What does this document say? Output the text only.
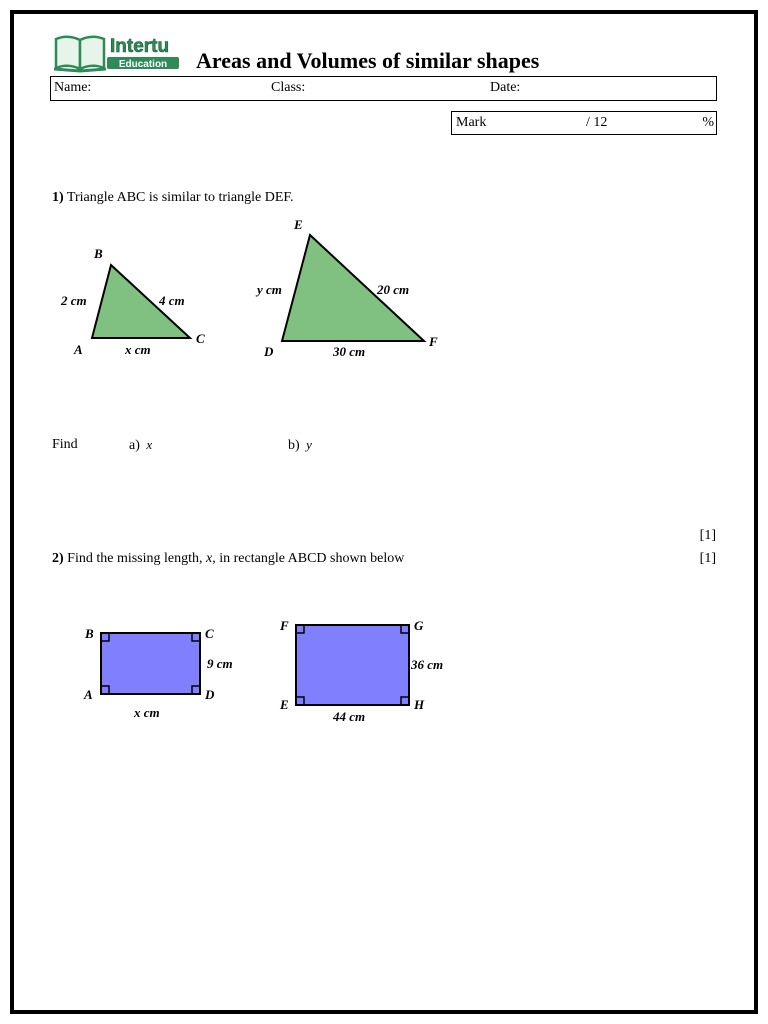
Intertu
Education Areas and Volumes of similar shapes
Name:	Class:	Date:
Mark	/ 12	%
1) Triangle ABC is similar to triangle DEF.
B
A
C
2 cm	4 cm
x cm
E
D
F
y cm	20 cm
30 cm
Find	a) x	b) y
[1]
2) Find the missing length, x, in rectangle ABCD shown below	[1]
B	C
A	D
9 cm
x cm
F	G
E	H
36 cm
44 cm
